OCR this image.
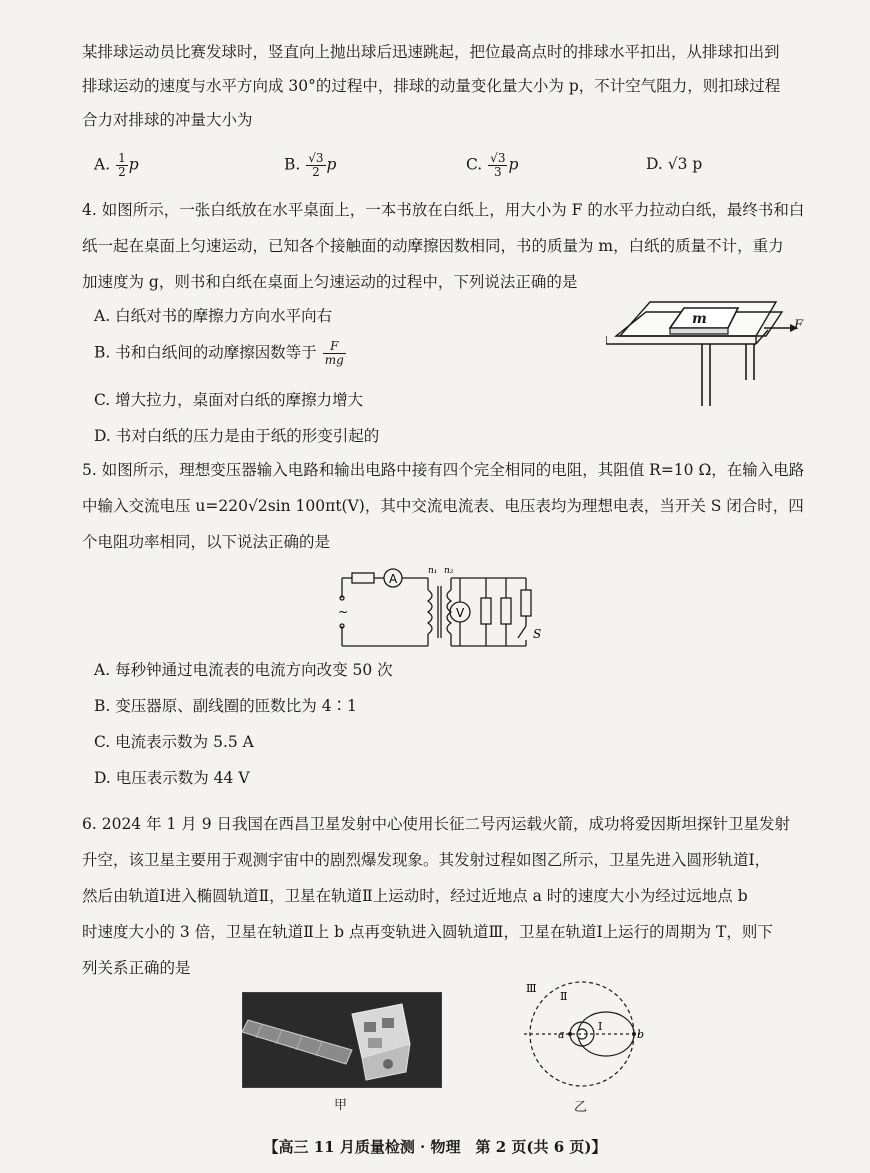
某排球运动员比赛发球时，竖直向上抛出球后迅速跳起，把位最高点时的排球水平扣出，从排球扣出到
排球运动的速度与水平方向成 30°的过程中，排球的动量变化量大小为 p，不计空气阻力，则扣球过程
合力对排球的冲量大小为
A. $\frac{1}{2}$ p	B. $\frac{√3}{2}$ p	C. $\frac{√3}{3}$ p	D. √3 p
4. 如图所示，一张白纸放在水平桌面上，一本书放在白纸上，用大小为 F 的水平力拉动白纸，最终书和白
纸一起在桌面上匀速运动，已知各个接触面的动摩擦因数相同，书的质量为 m，白纸的质量不计，重力
加速度为 g，则书和白纸在桌面上匀速运动的过程中，下列说法正确的是
A. 白纸对书的摩擦力方向水平向右
B. 书和白纸间的动摩擦因数等于 $\frac{F}{mg}$
C. 增大拉力，桌面对白纸的摩擦力增大
D. 书对白纸的压力是由于纸的形变引起的
m	F
5. 如图所示，理想变压器输入电路和输出电路中接有四个完全相同的电阻，其阻值 R=10 Ω，在输入电路
中输入交流电压 u=220√2sin 100πt(V)，其中交流电流表、电压表均为理想电表，当开关 S 闭合时，四
个电阻功率相同，以下说法正确的是
A
V
S
n₁ n₂
~
A. 每秒钟通过电流表的电流方向改变 50 次
B. 变压器原、副线圈的匝数比为 4∶1
C. 电流表示数为 5.5 A
D. 电压表示数为 44 V
6. 2024 年 1 月 9 日我国在西昌卫星发射中心使用长征二号丙运载火箭，成功将爱因斯坦探针卫星发射
升空，该卫星主要用于观测宇宙中的剧烈爆发现象。其发射过程如图乙所示，卫星先进入圆形轨道Ⅰ，
然后由轨道Ⅰ进入椭圆轨道Ⅱ，卫星在轨道Ⅱ上运动时，经过近地点 a 时的速度大小为经过远地点 b
时速度大小的 3 倍，卫星在轨道Ⅱ上 b 点再变轨进入圆轨道Ⅲ，卫星在轨道Ⅰ上运行的周期为 T，则下
列关系正确的是
甲
a	b
Ⅲ
Ⅱ
Ⅰ
乙
【高三 11 月质量检测 · 物理　第 2 页(共 6 页)】
